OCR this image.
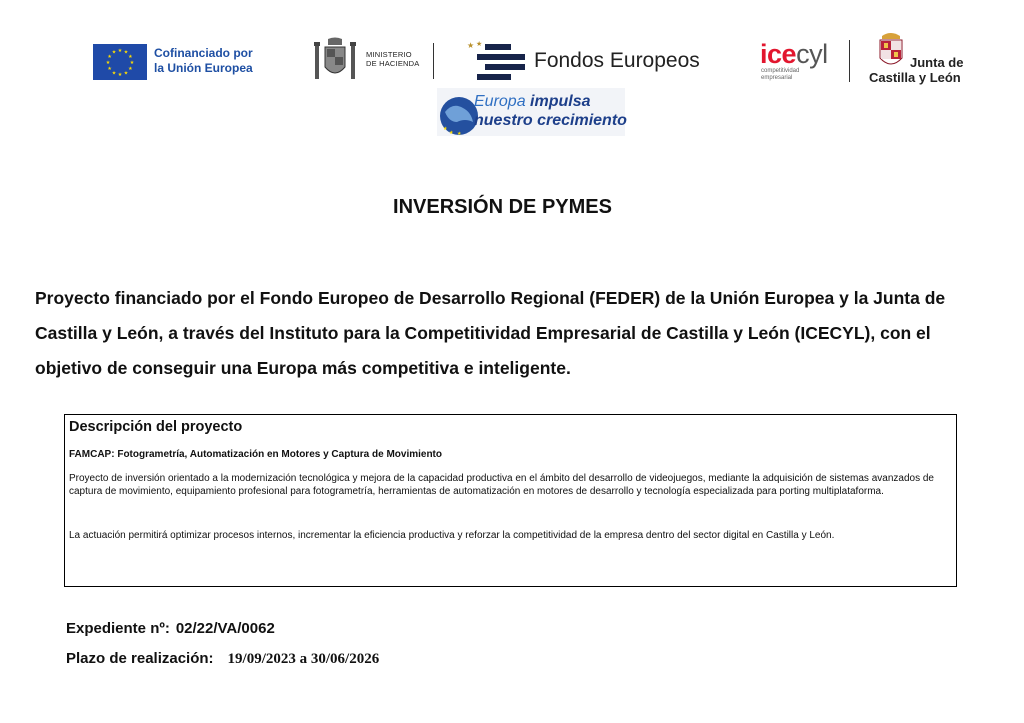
★ ★
★
★
★
★
★
★
★
★
★
★	Cofinanciado por
la Unión Europea
MINISTERIO
DE HACIENDA
★ ★
Fondos Europeos icecyl
competitividad
empresarial
Junta de
Castilla y León
★
★ ★
Europa impulsa
nuestro crecimiento
INVERSIÓN DE PYMES
Proyecto financiado por el Fondo Europeo de Desarrollo Regional (FEDER) de la Unión Europea y la Junta de Castilla y León, a través del Instituto para la Competitividad Empresarial de Castilla y León (ICECYL), con el objetivo de conseguir una Europa más competitiva e inteligente.
Descripción del proyecto
FAMCAP: Fotogrametría, Automatización en Motores y Captura de Movimiento
Proyecto de inversión orientado a la modernización tecnológica y mejora de la capacidad productiva en el ámbito del desarrollo de videojuegos, mediante la adquisición de sistemas avanzados de captura de movimiento, equipamiento profesional para fotogrametría, herramientas de automatización en motores de desarrollo y tecnología especializada para porting multiplataforma.
La actuación permitirá optimizar procesos internos, incrementar la eficiencia productiva y reforzar la competitividad de la empresa dentro del sector digital en Castilla y León.
Expediente nº: 02/22/VA/0062
Plazo de realización: 19/09/2023 a 30/06/2026
